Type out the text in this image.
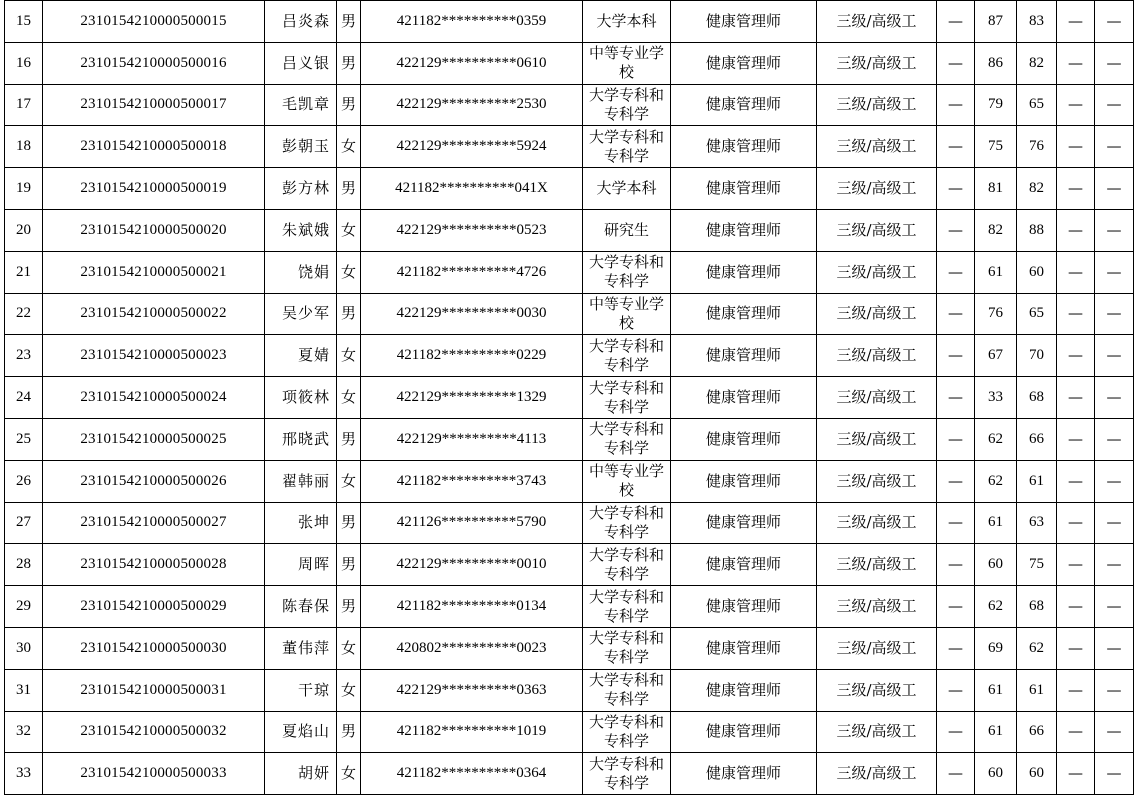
15	2310154210000500015	吕炎森	男	421182**********0359	大学本科	健康管理师	三级/高级工	—	87	83	—	—
16	2310154210000500016	吕义银	男	422129**********0610	中等专业学校	健康管理师	三级/高级工	—	86	82	—	—
17	2310154210000500017	毛凯章	男	422129**********2530	大学专科和专科学	健康管理师	三级/高级工	—	79	65	—	—
18	2310154210000500018	彭朝玉	女	422129**********5924	大学专科和专科学	健康管理师	三级/高级工	—	75	76	—	—
19	2310154210000500019	彭方林	男	421182**********041X	大学本科	健康管理师	三级/高级工	—	81	82	—	—
20	2310154210000500020	朱斌娥	女	422129**********0523	研究生	健康管理师	三级/高级工	—	82	88	—	—
21	2310154210000500021	饶娟	女	421182**********4726	大学专科和专科学	健康管理师	三级/高级工	—	61	60	—	—
22	2310154210000500022	吴少军	男	422129**********0030	中等专业学校	健康管理师	三级/高级工	—	76	65	—	—
23	2310154210000500023	夏婧	女	421182**********0229	大学专科和专科学	健康管理师	三级/高级工	—	67	70	—	—
24	2310154210000500024	项筱林	女	422129**********1329	大学专科和专科学	健康管理师	三级/高级工	—	33	68	—	—
25	2310154210000500025	邢晓武	男	422129**********4113	大学专科和专科学	健康管理师	三级/高级工	—	62	66	—	—
26	2310154210000500026	翟韩丽	女	421182**********3743	中等专业学校	健康管理师	三级/高级工	—	62	61	—	—
27	2310154210000500027	张坤	男	421126**********5790	大学专科和专科学	健康管理师	三级/高级工	—	61	63	—	—
28	2310154210000500028	周晖	男	422129**********0010	大学专科和专科学	健康管理师	三级/高级工	—	60	75	—	—
29	2310154210000500029	陈春保	男	421182**********0134	大学专科和专科学	健康管理师	三级/高级工	—	62	68	—	—
30	2310154210000500030	董伟萍	女	420802**********0023	大学专科和专科学	健康管理师	三级/高级工	—	69	62	—	—
31	2310154210000500031	干琼	女	422129**********0363	大学专科和专科学	健康管理师	三级/高级工	—	61	61	—	—
32	2310154210000500032	夏焰山	男	421182**********1019	大学专科和专科学	健康管理师	三级/高级工	—	61	66	—	—
33	2310154210000500033	胡妍	女	421182**********0364	大学专科和专科学	健康管理师	三级/高级工	—	60	60	—	—
